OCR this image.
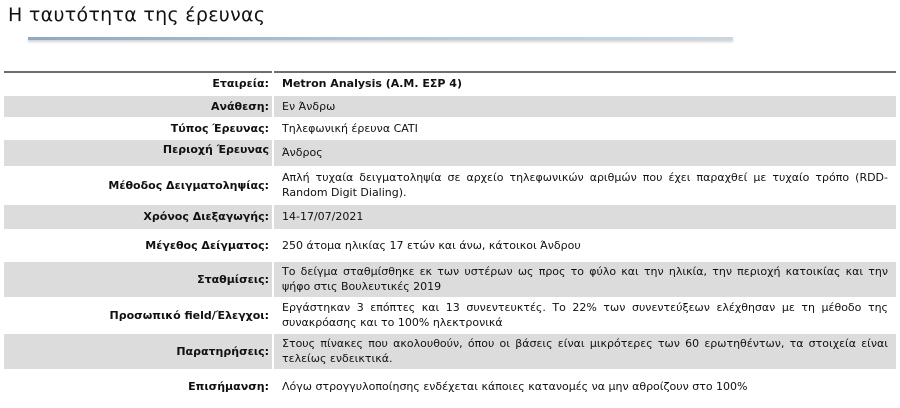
Η ταυτότητα της έρευνας
Εταιρεία:	Metron Analysis (Α.Μ. ΕΣΡ 4)
Ανάθεση:	Εν Άνδρω
Τύπος Έρευνας:	Τηλεφωνική έρευνα CATI
Περιοχή Έρευνας	Άνδρος
Μέθοδος Δειγματοληψίας:	Απλή τυχαία δειγματοληψία σε αρχείο τηλεφωνικών αριθμών που έχει παραχθεί με τυχαίο τρόπο (RDD-Random Digit Dialing).
Χρόνος Διεξαγωγής:	14-17/07/2021
Μέγεθος Δείγματος:	250 άτομα ηλικίας 17 ετών και άνω, κάτοικοι Άνδρου
Σταθμίσεις:	Το δείγμα σταθμίσθηκε εκ των υστέρων ως προς το φύλο και την ηλικία, την περιοχή κατοικίας και την ψήφο στις Βουλευτικές 2019
Προσωπικό field/Έλεγχοι:	Εργάστηκαν 3 επόπτες και 13 συνεντευκτές. Το 22% των συνεντεύξεων ελέχθησαν με τη μέθοδο της συνακρόασης και το 100% ηλεκτρονικά
Παρατηρήσεις:	Στους πίνακες που ακολουθούν, όπου οι βάσεις είναι μικρότερες των 60 ερωτηθέντων, τα στοιχεία είναι τελείως ενδεικτικά.
Επισήμανση:	Λόγω στρογγυλοποίησης ενδέχεται κάποιες κατανομές να μην αθροίζουν στο 100%
